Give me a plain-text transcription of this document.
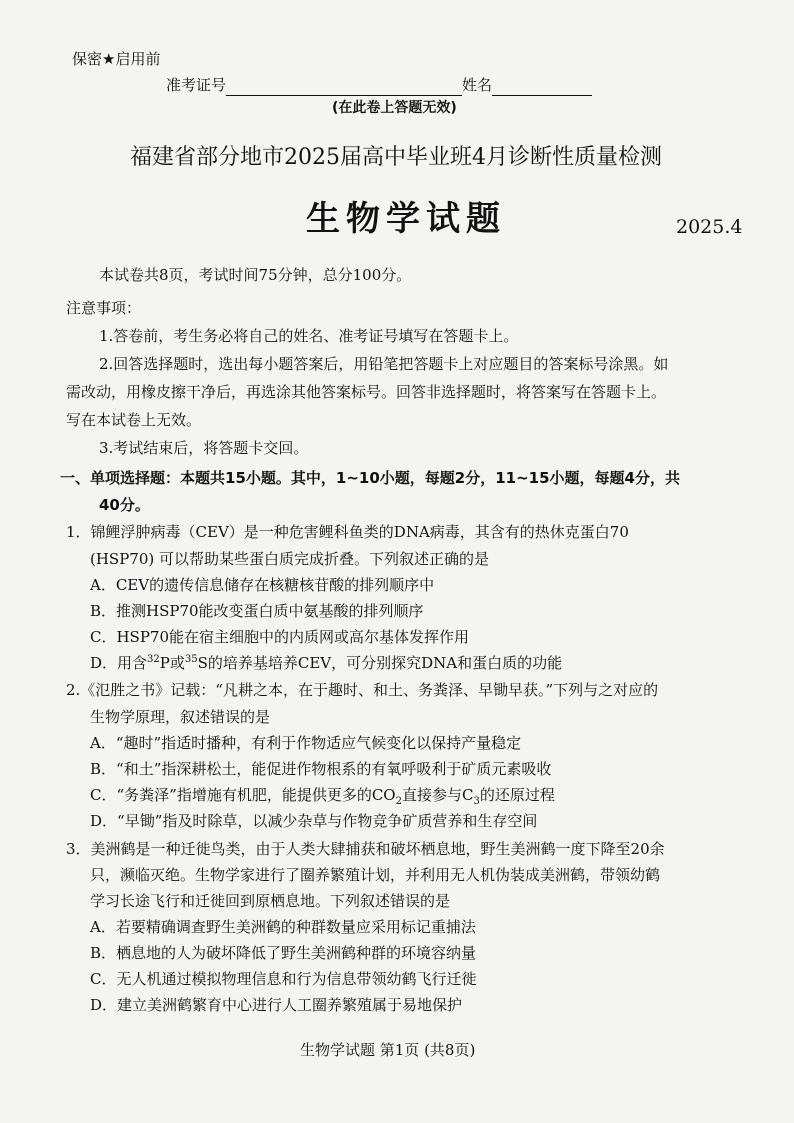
保密★启用前
准考证号	姓名
(在此卷上答题无效)
福建省部分地市2025届高中毕业班4月诊断性质量检测
生物学试题	2025.4
本试卷共8页，考试时间75分钟，总分100分。
注意事项：
1.答卷前，考生务必将自己的姓名、准考证号填写在答题卡上。
2.回答选择题时，选出每小题答案后，用铅笔把答题卡上对应题目的答案标号涂黑。如
需改动，用橡皮擦干净后，再选涂其他答案标号。回答非选择题时，将答案写在答题卡上。
写在本试卷上无效。
3.考试结束后，将答题卡交回。
一、单项选择题：本题共15小题。其中，1~10小题，每题2分，11~15小题，每题4分，共
40分。
1．锦鲤浮肿病毒（CEV）是一种危害鲤科鱼类的DNA病毒，其含有的热休克蛋白70
(HSP70) 可以帮助某些蛋白质完成折叠。下列叙述正确的是
A．CEV的遗传信息储存在核糖核苷酸的排列顺序中
B．推测HSP70能改变蛋白质中氨基酸的排列顺序
C．HSP70能在宿主细胞中的内质网或高尔基体发挥作用
D．用含$^{32}$P或$^{35}$S的培养基培养CEV，可分别探究DNA和蛋白质的功能
2.《氾胜之书》记载：“凡耕之本，在于趣时、和土、务粪泽、早锄早获。”下列与之对应的
生物学原理，叙述错误的是
A．“趣时”指适时播种，有利于作物适应气候变化以保持产量稳定
B．“和土”指深耕松土，能促进作物根系的有氧呼吸利于矿质元素吸收
C．“务粪泽”指增施有机肥，能提供更多的$CO_2$直接参与$C_3$的还原过程
D．“早锄”指及时除草，以减少杂草与作物竞争矿质营养和生存空间
3．美洲鹤是一种迁徙鸟类，由于人类大肆捕获和破坏栖息地，野生美洲鹤一度下降至20余
只，濒临灭绝。生物学家进行了圈养繁殖计划，并利用无人机伪装成美洲鹤，带领幼鹤
学习长途飞行和迁徙回到原栖息地。下列叙述错误的是
A．若要精确调查野生美洲鹤的种群数量应采用标记重捕法
B．栖息地的人为破坏降低了野生美洲鹤种群的环境容纳量
C．无人机通过模拟物理信息和行为信息带领幼鹤飞行迁徙
D．建立美洲鹤繁育中心进行人工圈养繁殖属于易地保护
生物学试题 第1页 (共8页)
